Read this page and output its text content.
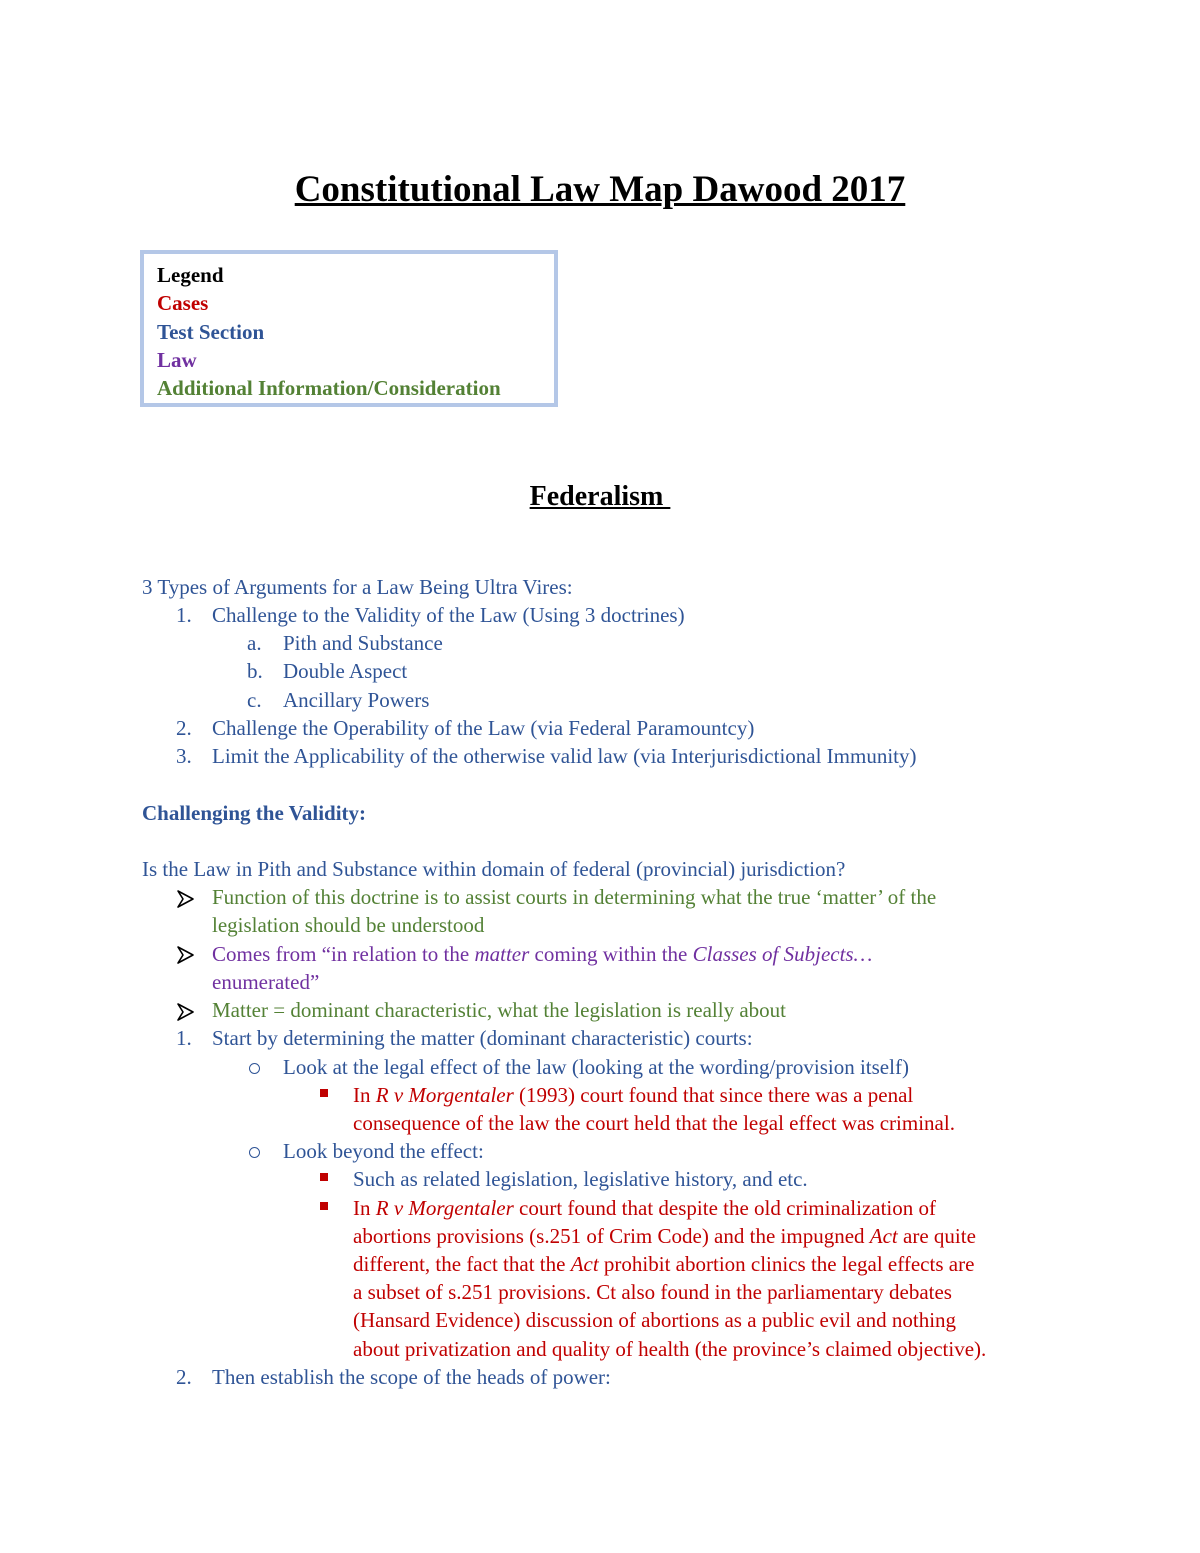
Constitutional Law Map Dawood 2017
Legend
Cases
Test Section
Law
Additional Information/Consideration
Federalism
3 Types of Arguments for a Law Being Ultra Vires:
1. Challenge to the Validity of the Law (Using 3 doctrines)
a. Pith and Substance
b. Double Aspect
c. Ancillary Powers
2. Challenge the Operability of the Law (via Federal Paramountcy)
3. Limit the Applicability of the otherwise valid law (via Interjurisdictional Immunity)
Challenging the Validity:
Is the Law in Pith and Substance within domain of federal (provincial) jurisdiction?
Function of this doctrine is to assist courts in determining what the true ‘matter’ of the
legislation should be understood
Comes from “in relation to the matter coming within the Classes of Subjects…
enumerated”
Matter = dominant characteristic, what the legislation is really about
1. Start by determining the matter (dominant characteristic) courts:
Look at the legal effect of the law (looking at the wording/provision itself)
In R v Morgentaler (1993) court found that since there was a penal
consequence of the law the court held that the legal effect was criminal.
Look beyond the effect:
Such as related legislation, legislative history, and etc.
In R v Morgentaler court found that despite the old criminalization of
abortions provisions (s.251 of Crim Code) and the impugned Act are quite
different, the fact that the Act prohibit abortion clinics the legal effects are
a subset of s.251 provisions. Ct also found in the parliamentary debates
(Hansard Evidence) discussion of abortions as a public evil and nothing
about privatization and quality of health (the province’s claimed objective).
2. Then establish the scope of the heads of power:
